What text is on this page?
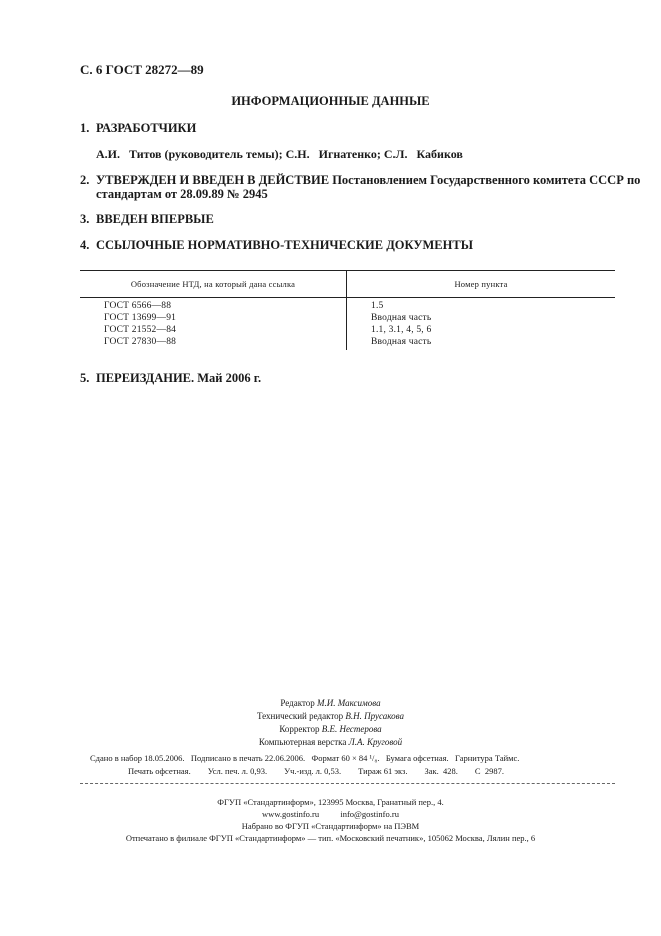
С. 6 ГОСТ 28272—89
ИНФОРМАЦИОННЫЕ ДАННЫЕ
1. РАЗРАБОТЧИКИ
А.И. Титов (руководитель темы); С.Н. Игнатенко; С.Л. Кабиков
2. УТВЕРЖДЕН И ВВЕДЕН В ДЕЙСТВИЕ Постановлением Государственного комитета СССР по
стандартам от 28.09.89 № 2945
3. ВВЕДЕН ВПЕРВЫЕ
4. ССЫЛОЧНЫЕ НОРМАТИВНО-ТЕХНИЧЕСКИЕ ДОКУМЕНТЫ
Обозначение НТД, на который дана ссылка	Номер пункта
ГОСТ 6566—88
ГОСТ 13699—91
ГОСТ 21552—84
ГОСТ 27830—88
1.5
Вводная часть
1.1, 3.1, 4, 5, 6
Вводная часть
5. ПЕРЕИЗДАНИЕ. Май 2006 г.
Редактор М.И. Максимова
Технический редактор В.Н. Прусакова
Корректор В.Е. Нестерова
Компьютерная верстка Л.А. Круговой
Сдано в набор 18.05.2006.   Подписано в печать 22.06.2006.   Формат 60 × 84 ¹/₈.   Бумага офсетная.   Гарнитура Таймс.
Печать офсетная.        Усл. печ. л. 0,93.        Уч.-изд. л. 0,53.        Тираж 61 экз.        Зак.  428.        С  2987.
ФГУП «Стандартинформ», 123995 Москва, Гранатный пер., 4.
www.gostinfo.ru          info@gostinfo.ru
Набрано во ФГУП «Стандартинформ» на ПЭВМ
Отпечатано в филиале ФГУП «Стандартинформ» — тип. «Московский печатник», 105062 Москва, Лялин пер., 6
